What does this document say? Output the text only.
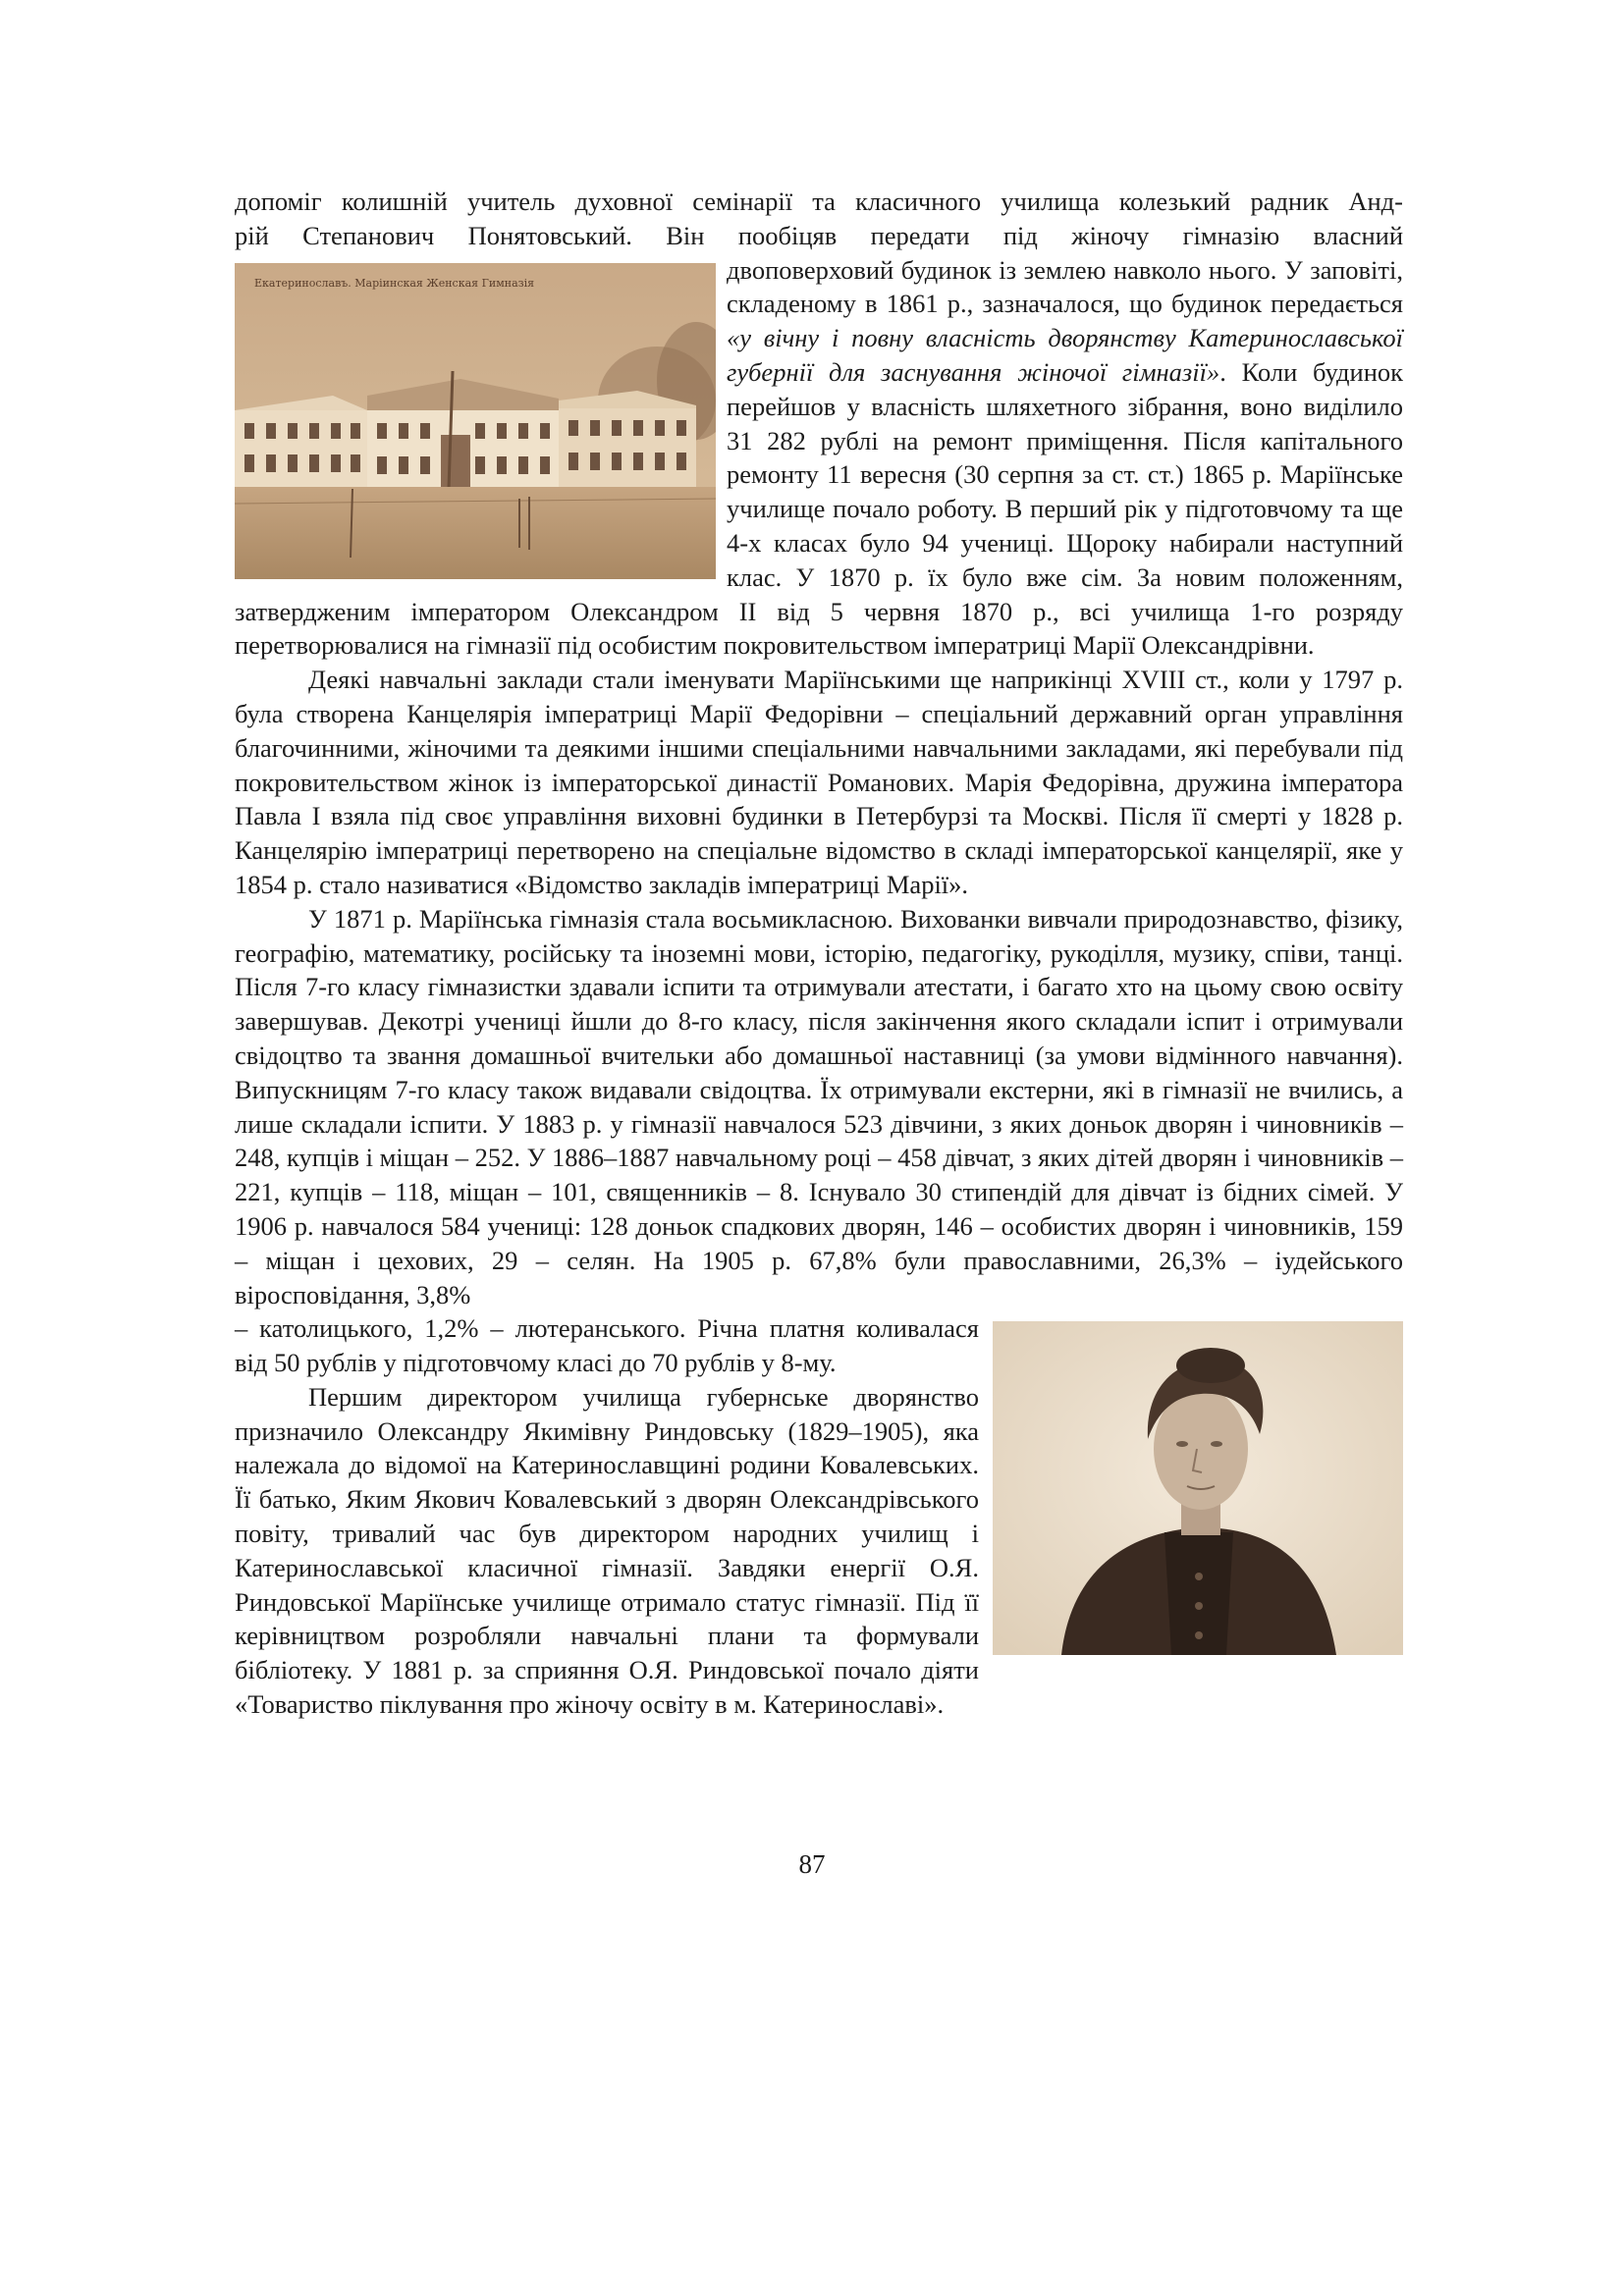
допоміг колишній учитель духовної семінарії та класичного училища колезький радник Анд-

рій Степанович Понятовський. Він пообіцяв передати під жіночу гімназію власний

Екатеринославъ. Маріинская Женская Гимназія	двоповерховий будинок із землею навколо нього. У заповіті, складеному в 1861 р., зазначалося, що будинок передається «у вічну і повну власність дворянству Катеринославської губернії для заснування жіночої гімназії». Коли будинок перейшов у власність шляхетного зібрання, воно виділило 31 282 рублі на ремонт приміщення. Після капітального ремонту 11 вересня (30 серпня за ст. ст.) 1865 р. Маріїнське училище почало роботу. В перший рік у підготовчому та ще 4-х класах було 94 учениці. Щороку набирали наступний клас. У 1870 р. їх було вже сім. За новим положенням, затвердженим імператором Олександром ІІ від 5 червня 1870 р., всі училища 1-го розряду перетворювалися на гімназії під особистим покровительством імператриці Марії Олександрівни.

Деякі навчальні заклади стали іменувати Маріїнськими ще наприкінці XVIII ст., коли у 1797 р. була створена Канцелярія імператриці Марії Федорівни – спеціальний державний орган управління благочинними, жіночими та деякими іншими спеціальними навчальними закладами, які перебували під покровительством жінок із імператорської династії Романових. Марія Федорівна, дружина імператора Павла І взяла під своє управління виховні будинки в Петербурзі та Москві. Після її смерті у 1828 р. Канцелярію імператриці перетворено на спеціальне відомство в складі імператорської канцелярії, яке у 1854 р. стало називатися «Відомство закладів імператриці Марії».

У 1871 р. Маріїнська гімназія стала восьмикласною. Вихованки вивчали природознавство, фізику, географію, математику, російську та іноземні мови, історію, педагогіку, рукоділля, музику, співи, танці. Після 7-го класу гімназистки здавали іспити та отримували атестати, і багато хто на цьому свою освіту завершував. Декотрі учениці йшли до 8-го класу, після закінчення якого складали іспит і отримували свідоцтво та звання домашньої вчительки або домашньої наставниці (за умови відмінного навчання). Випускницям 7-го класу також видавали свідоцтва. Їх отримували екстерни, які в гімназії не вчились, а лише складали іспити. У 1883 р. у гімназії навчалося 523 дівчини, з яких доньок дворян і чиновників – 248, купців і міщан – 252. У 1886–1887 навчальному році – 458 дівчат, з яких дітей дворян і чиновників – 221, купців – 118, міщан – 101, священників – 8. Існувало 30 стипендій для дівчат із бідних сімей. У 1906 р. навчалося 584 учениці: 128 доньок спадкових дворян, 146 – особистих дворян і чиновників, 159 – міщан і цехових, 29 – селян. На 1905 р. 67,8% були православними, 26,3% – іудейського віросповідання, 3,8%

– католицького, 1,2% – лютеранського. Річна платня коливалася від 50 рублів у підготовчому класі до 70 рублів у 8-му.

Першим директором училища губернське дворянство призначило Олександру Якимівну Риндовську (1829–1905), яка належала до відомої на Катеринославщині родини Ковалевських. Її батько, Яким Якович Ковалевський з дворян Олександрівського повіту, тривалий час був директором народних училищ і Катеринославської класичної гімназії. Завдяки енергії О.Я. Риндовської Маріїнське училище отримало статус гімназії. Під її керівництвом розробляли навчальні плани та формували бібліотеку. У 1881 р. за сприяння О.Я. Риндовської почало діяти «Товариство піклування про жіночу освіту в м. Катеринославі».

87
